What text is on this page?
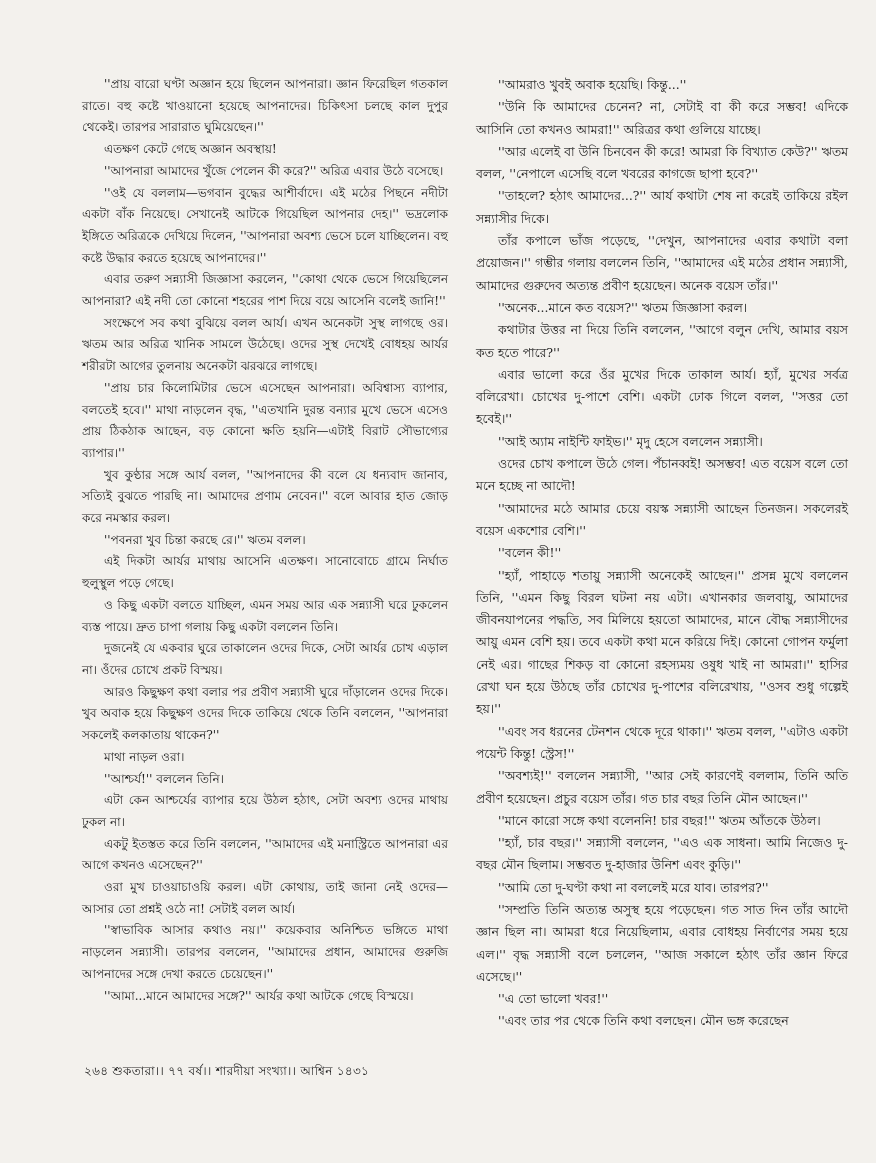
''প্রায় বারো ঘণ্টা অজ্ঞান হয়ে ছিলেন আপনারা। জ্ঞান ফিরেছিল গতকাল রাতে। বহু কষ্টে খাওয়ানো হয়েছে আপনাদের। চিকিৎসা চলছে কাল দুপুর থেকেই। তারপর সারারাত ঘুমিয়েছেন।''

এতক্ষণ কেটে গেছে অজ্ঞান অবস্থায়!

''আপনারা আমাদের খুঁজে পেলেন কী করে?'' অরিত্র এবার উঠে বসেছে।

''ওই যে বললাম—ভগবান বুদ্ধের আশীর্বাদে। এই মঠের পিছনে নদীটা একটা বাঁক নিয়েছে। সেখানেই আটকে গিয়েছিল আপনার দেহ।'' ভদ্রলোক ইঙ্গিতে অরিত্রকে দেখিয়ে দিলেন, ''আপনারা অবশ্য ভেসে চলে যাচ্ছিলেন। বহু কষ্টে উদ্ধার করতে হয়েছে আপনাদের।''

এবার তরুণ সন্ন্যাসী জিজ্ঞাসা করলেন, ''কোথা থেকে ভেসে গিয়েছিলেন আপনারা? এই নদী তো কোনো শহরের পাশ দিয়ে বয়ে আসেনি বলেই জানি!''

সংক্ষেপে সব কথা বুঝিয়ে বলল আর্য। এখন অনেকটা সুস্থ লাগছে ওর। ঋতম আর অরিত্র খানিক সামলে উঠেছে। ওদের সুস্থ দেখেই বোধহয় আর্যর শরীরটা আগের তুলনায় অনেকটা ঝরঝরে লাগছে।

''প্রায় চার কিলোমিটার ভেসে এসেছেন আপনারা। অবিশ্বাস্য ব্যাপার, বলতেই হবে।'' মাথা নাড়লেন বৃদ্ধ, ''এতখানি দুরন্ত বন্যার মুখে ভেসে এসেও প্রায় ঠিকঠাক আছেন, বড় কোনো ক্ষতি হয়নি—এটাই বিরাট সৌভাগ্যের ব্যাপার।''

খুব কুণ্ঠার সঙ্গে আর্য বলল, ''আপনাদের কী বলে যে ধন্যবাদ জানাব, সত্যিই বুঝতে পারছি না। আমাদের প্রণাম নেবেন।'' বলে আবার হাত জোড় করে নমস্কার করল।

''পবনরা খুব চিন্তা করছে রে।'' ঋতম বলল।

এই দিকটা আর্যর মাথায় আসেনি এতক্ষণ। সানোবোচে গ্রামে নির্ঘাত হুলুস্থুল পড়ে গেছে।

ও কিছু একটা বলতে যাচ্ছিল, এমন সময় আর এক সন্ন্যাসী ঘরে ঢুকলেন ব্যস্ত পায়ে। দ্রুত চাপা গলায় কিছু একটা বললেন তিনি।

দুজনেই যে একবার ঘুরে তাকালেন ওদের দিকে, সেটা আর্যর চোখ এড়াল না। ওঁদের চোখে প্রকট বিস্ময়।

আরও কিছুক্ষণ কথা বলার পর প্রবীণ সন্ন্যাসী ঘুরে দাঁড়ালেন ওদের দিকে। খুব অবাক হয়ে কিছুক্ষণ ওদের দিকে তাকিয়ে থেকে তিনি বললেন, ''আপনারা সকলেই কলকাতায় থাকেন?''

মাথা নাড়ল ওরা।

''আশ্চর্য!'' বললেন তিনি।

এটা কেন আশ্চর্যের ব্যাপার হয়ে উঠল হঠাৎ, সেটা অবশ্য ওদের মাথায় ঢুকল না।

একটু ইতস্তত করে তিনি বললেন, ''আমাদের এই মনাস্ট্রিতে আপনারা এর আগে কখনও এসেছেন?''

ওরা মুখ চাওয়াচাওয়ি করল। এটা কোথায়, তাই জানা নেই ওদের—আসার তো প্রশ্নই ওঠে না! সেটাই বলল আর্য।

''স্বাভাবিক আসার কথাও নয়।'' কয়েকবার অনিশ্চিত ভঙ্গিতে মাথা নাড়লেন সন্ন্যাসী। তারপর বললেন, ''আমাদের প্রধান, আমাদের গুরুজি আপনাদের সঙ্গে দেখা করতে চেয়েছেন।''

''আমা...মানে আমাদের সঙ্গে?'' আর্যর কথা আটকে গেছে বিস্ময়ে।

''আমরাও খুবই অবাক হয়েছি। কিন্তু...''

''উনি কি আমাদের চেনেন? না, সেটাই বা কী করে সম্ভব! এদিকে আসিনি তো কখনও আমরা!'' অরিত্রর কথা গুলিয়ে যাচ্ছে।

''আর এলেই বা উনি চিনবেন কী করে! আমরা কি বিখ্যাত কেউ?'' ঋতম বলল, ''নেপালে এসেছি বলে খবরের কাগজে ছাপা হবে?''

''তাহলে? হঠাৎ আমাদের...?'' আর্য কথাটা শেষ না করেই তাকিয়ে রইল সন্ন্যাসীর দিকে।

তাঁর কপালে ভাঁজ পড়েছে, ''দেখুন, আপনাদের এবার কথাটা বলা প্রয়োজন।'' গম্ভীর গলায় বললেন তিনি, ''আমাদের এই মঠের প্রধান সন্ন্যাসী, আমাদের গুরুদেব অত্যন্ত প্রবীণ হয়েছেন। অনেক বয়েস তাঁর।''

''অনেক...মানে কত বয়েস?'' ঋতম জিজ্ঞাসা করল।

কথাটার উত্তর না দিয়ে তিনি বললেন, ''আগে বলুন দেখি, আমার বয়স কত হতে পারে?''

এবার ভালো করে ওঁর মুখের দিকে তাকাল আর্য। হ্যাঁ, মুখের সর্বত্র বলিরেখা। চোখের দু-পাশে বেশি। একটা ঢোক গিলে বলল, ''সত্তর তো হবেই।''

''আই অ্যাম নাইন্টি ফাইভ।'' মৃদু হেসে বললেন সন্ন্যাসী।

ওদের চোখ কপালে উঠে গেল। পঁচানব্বই! অসম্ভব! এত বয়েস বলে তো মনে হচ্ছে না আদৌ!

''আমাদের মঠে আমার চেয়ে বয়স্ক সন্ন্যাসী আছেন তিনজন। সকলেরই বয়েস একশোর বেশি।''

''বলেন কী!''

''হ্যাঁ, পাহাড়ে শতায়ু সন্ন্যাসী অনেকেই আছেন।'' প্রসন্ন মুখে বললেন তিনি, ''এমন কিছু বিরল ঘটনা নয় এটা। এখানকার জলবায়ু, আমাদের জীবনযাপনের পদ্ধতি, সব মিলিয়ে হয়তো আমাদের, মানে বৌদ্ধ সন্ন্যাসীদের আয়ু এমন বেশি হয়। তবে একটা কথা মনে করিয়ে দিই। কোনো গোপন ফর্মুলা নেই এর। গাছের শিকড় বা কোনো রহস্যময় ওষুধ খাই না আমরা।'' হাসির রেখা ঘন হয়ে উঠছে তাঁর চোখের দু-পাশের বলিরেখায়, ''ওসব শুধু গল্পেই হয়।''

''এবং সব ধরনের টেনশন থেকে দূরে থাকা।'' ঋতম বলল, ''এটাও একটা পয়েন্ট কিন্তু! স্ট্রেস!''

''অবশ্যই!'' বললেন সন্ন্যাসী, ''আর সেই কারণেই বললাম, তিনি অতি প্রবীণ হয়েছেন। প্রচুর বয়েস তাঁর। গত চার বছর তিনি মৌন আছেন।''

''মানে কারো সঙ্গে কথা বলেননি! চার বছর!'' ঋতম আঁতকে উঠল।

''হ্যাঁ, চার বছর।'' সন্ন্যাসী বললেন, ''এও এক সাধনা। আমি নিজেও দু-বছর মৌন ছিলাম। সম্ভবত দু-হাজার উনিশ এবং কুড়ি।''

''আমি তো দু-ঘণ্টা কথা না বললেই মরে যাব। তারপর?''

''সম্প্রতি তিনি অত্যন্ত অসুস্থ হয়ে পড়েছেন। গত সাত দিন তাঁর আদৌ জ্ঞান ছিল না। আমরা ধরে নিয়েছিলাম, এবার বোধহয় নির্বাণের সময় হয়ে এল।'' বৃদ্ধ সন্ন্যাসী বলে চললেন, ''আজ সকালে হঠাৎ তাঁর জ্ঞান ফিরে এসেছে।''

''এ তো ভালো খবর!''

''এবং তার পর থেকে তিনি কথা বলছেন। মৌন ভঙ্গ করেছেন

২৬৪ শুকতারা।। ৭৭ বর্ষ।। শারদীয়া সংখ্যা।। আশ্বিন ১৪৩১
